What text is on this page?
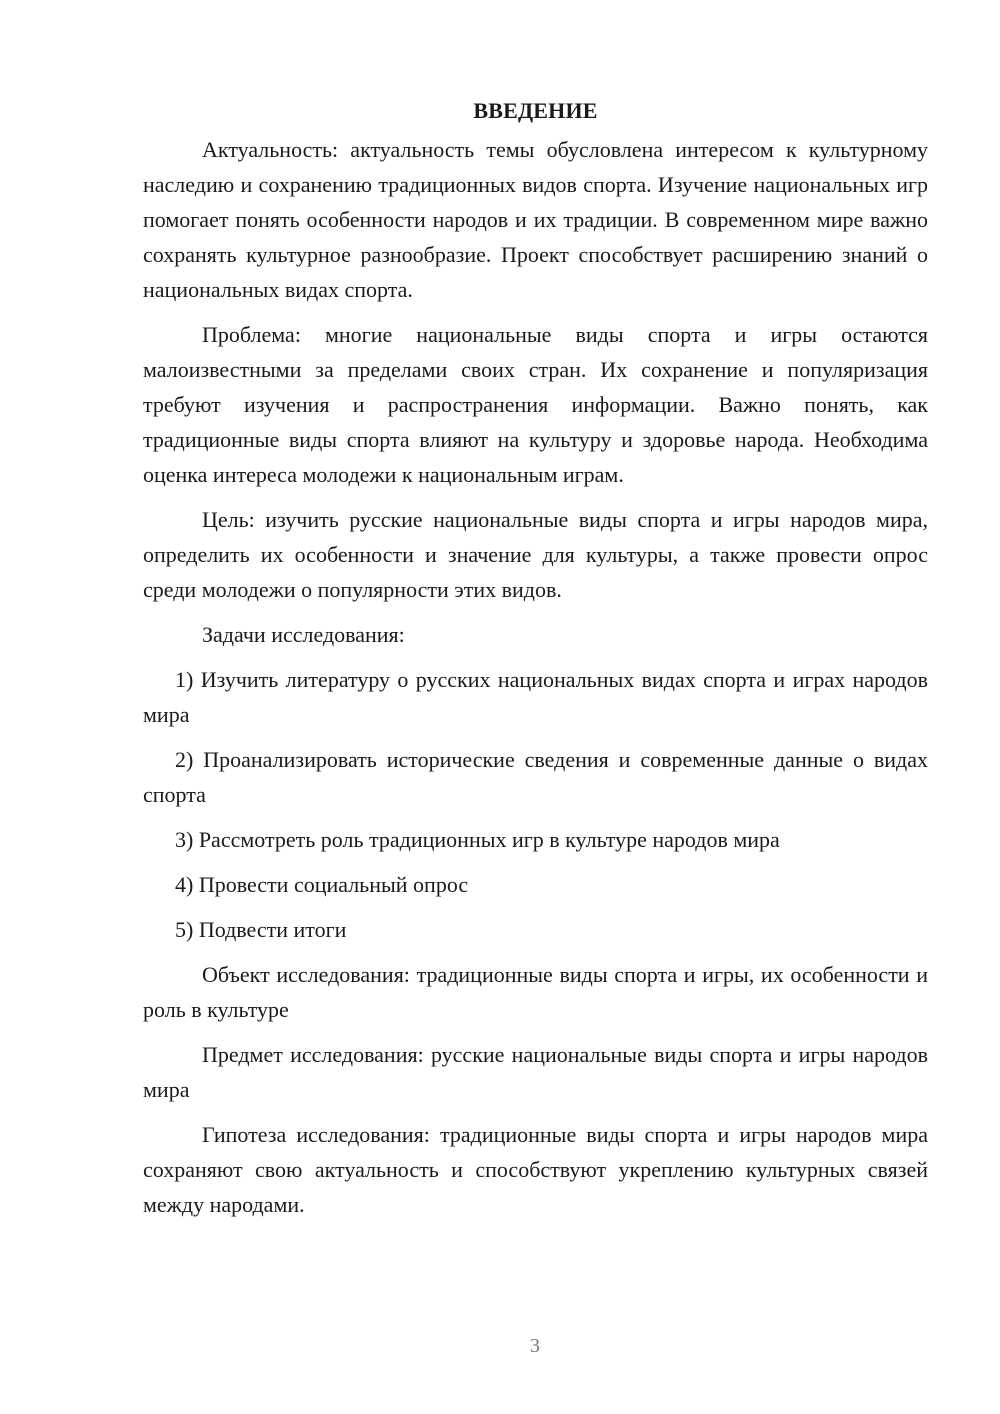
ВВЕДЕНИЕ

Актуальность: актуальность темы обусловлена интересом к культурному наследию и сохранению традиционных видов спорта. Изучение национальных игр помогает понять особенности народов и их традиции. В современном мире важно сохранять культурное разнообразие. Проект способствует расширению знаний о национальных видах спорта.

Проблема: многие национальные виды спорта и игры остаются малоизвестными за пределами своих стран. Их сохранение и популяризация требуют изучения и распространения информации. Важно понять, как традиционные виды спорта влияют на культуру и здоровье народа. Необходима оценка интереса молодежи к национальным играм.

Цель: изучить русские национальные виды спорта и игры народов мира, определить их особенности и значение для культуры, а также провести опрос среди молодежи о популярности этих видов.

Задачи исследования:

1) Изучить литературу о русских национальных видах спорта и играх народов мира

2) Проанализировать исторические сведения и современные данные о видах спорта

3) Рассмотреть роль традиционных игр в культуре народов мира

4) Провести социальный опрос

5) Подвести итоги

Объект исследования: традиционные виды спорта и игры, их особенности и роль в культуре

Предмет исследования: русские национальные виды спорта и игры народов мира

Гипотеза исследования: традиционные виды спорта и игры народов мира сохраняют свою актуальность и способствуют укреплению культурных связей между народами.

3
